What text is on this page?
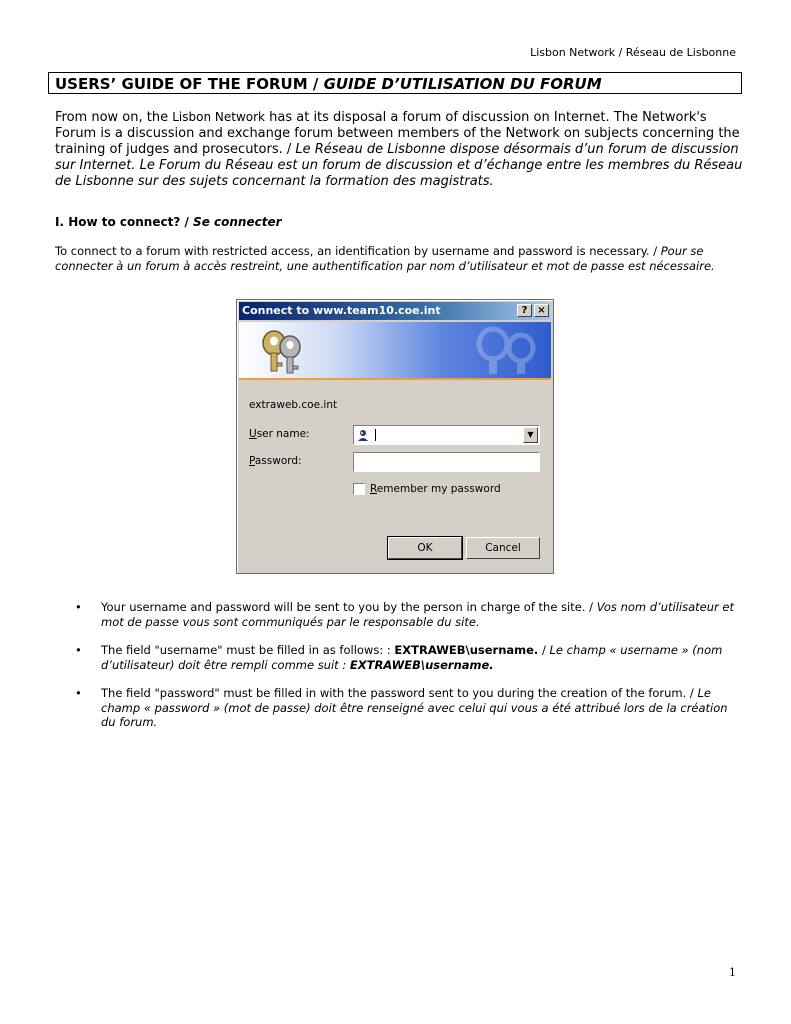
Lisbon Network / Réseau de Lisbonne
USERS’ GUIDE OF THE FORUM / GUIDE D’UTILISATION DU FORUM
From now on, the Lisbon Network has at its disposal a forum of discussion on Internet. The Network's Forum is a discussion and exchange forum between members of the Network on subjects concerning the training of judges and prosecutors. / Le Réseau de Lisbonne dispose désormais d’un forum de discussion sur Internet. Le Forum du Réseau est un forum de discussion et d’échange entre les membres du Réseau de Lisbonne sur des sujets concernant la formation des magistrats.
I. How to connect? / Se connecter
To connect to a forum with restricted access, an identification by username and password is necessary. / Pour se connecter à un forum à accès restreint, une authentification par nom d’utilisateur et mot de passe est nécessaire.
Connect to www.team10.coe.int	? ×
extraweb.coe.int
User name:	▼
Password:
Remember my password
OK	Cancel
• Your username and password will be sent to you by the person in charge of the site. / Vos nom d’utilisateur et mot de passe vous sont communiqués par le responsable du site.
• The field "username" must be filled in as follows: : EXTRAWEB\username. / Le champ « username » (nom d’utilisateur) doit être rempli comme suit : EXTRAWEB\username.
• The field "password" must be filled in with the password sent to you during the creation of the forum. / Le champ « password » (mot de passe) doit être renseigné avec celui qui vous a été attribué lors de la création du forum.
1
